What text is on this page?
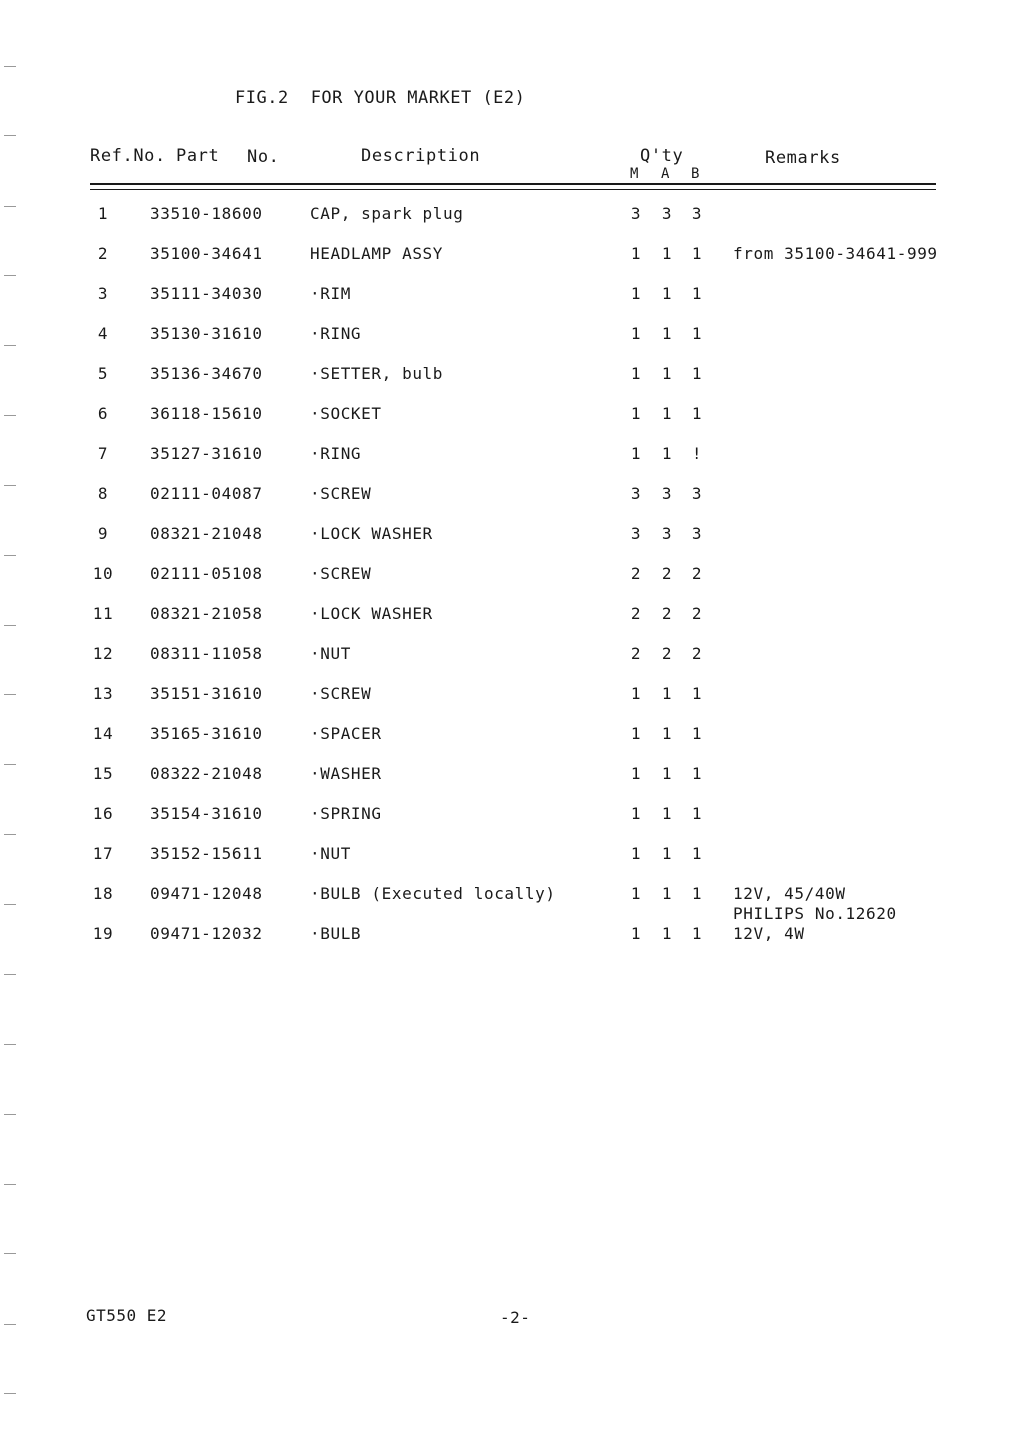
FIG.2 FOR YOUR MARKET (E2)
Ref.No. Part No.	Description	Q'ty
M A B
Remarks
1	33510-18600	CAP, spark plug	3	3	3
2	35100-34641	HEADLAMP ASSY	1	1	1	from 35100-34641-999
3	35111-34030	·RIM	1	1	1
4	35130-31610	·RING	1	1	1
5	35136-34670	·SETTER, bulb	1	1	1
6	36118-15610	·SOCKET	1	1	1
7	35127-31610	·RING	1	1	!
8	02111-04087	·SCREW	3	3	3
9	08321-21048	·LOCK WASHER	3	3	3
10 02111-05108	·SCREW	2	2	2
11 08321-21058	·LOCK WASHER	2	2	2
12 08311-11058	·NUT	2	2	2
13 35151-31610	·SCREW	1	1	1
14 35165-31610	·SPACER	1	1	1
15 08322-21048	·WASHER	1	1	1
16 35154-31610	·SPRING	1	1	1
17 35152-15611	·NUT	1	1	1
18 09471-12048	·BULB (Executed locally)	1	1	1	12V, 45/40W
PHILIPS No.12620
19 09471-12032	·BULB	1	1	1	12V, 4W
GT550 E2	-2-
